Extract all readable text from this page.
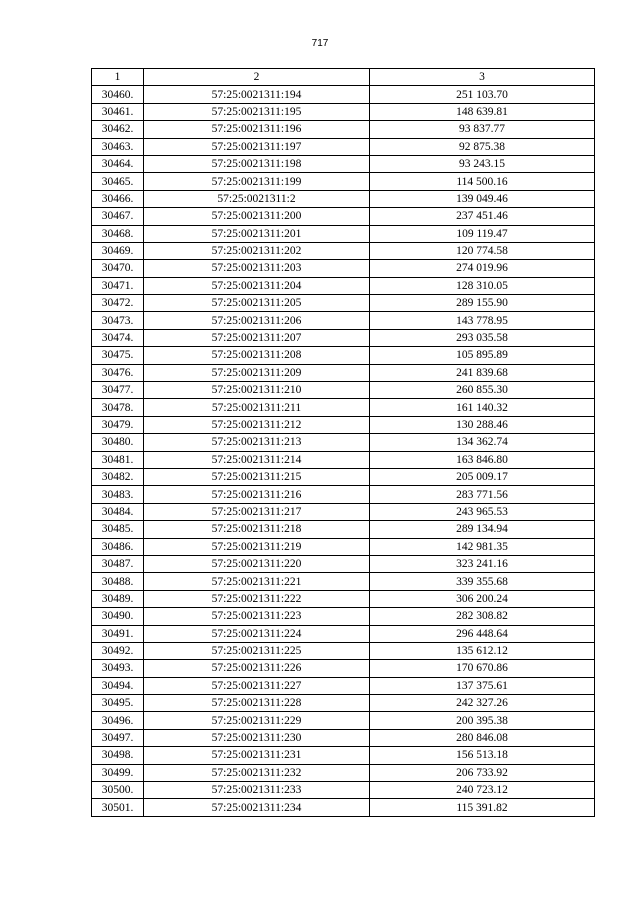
717
1	2	3
30460.	57:25:0021311:194	251 103.70
30461.	57:25:0021311:195	148 639.81
30462.	57:25:0021311:196	93 837.77
30463.	57:25:0021311:197	92 875.38
30464.	57:25:0021311:198	93 243.15
30465.	57:25:0021311:199	114 500.16
30466.	57:25:0021311:2	139 049.46
30467.	57:25:0021311:200	237 451.46
30468.	57:25:0021311:201	109 119.47
30469.	57:25:0021311:202	120 774.58
30470.	57:25:0021311:203	274 019.96
30471.	57:25:0021311:204	128 310.05
30472.	57:25:0021311:205	289 155.90
30473.	57:25:0021311:206	143 778.95
30474.	57:25:0021311:207	293 035.58
30475.	57:25:0021311:208	105 895.89
30476.	57:25:0021311:209	241 839.68
30477.	57:25:0021311:210	260 855.30
30478.	57:25:0021311:211	161 140.32
30479.	57:25:0021311:212	130 288.46
30480.	57:25:0021311:213	134 362.74
30481.	57:25:0021311:214	163 846.80
30482.	57:25:0021311:215	205 009.17
30483.	57:25:0021311:216	283 771.56
30484.	57:25:0021311:217	243 965.53
30485.	57:25:0021311:218	289 134.94
30486.	57:25:0021311:219	142 981.35
30487.	57:25:0021311:220	323 241.16
30488.	57:25:0021311:221	339 355.68
30489.	57:25:0021311:222	306 200.24
30490.	57:25:0021311:223	282 308.82
30491.	57:25:0021311:224	296 448.64
30492.	57:25:0021311:225	135 612.12
30493.	57:25:0021311:226	170 670.86
30494.	57:25:0021311:227	137 375.61
30495.	57:25:0021311:228	242 327.26
30496.	57:25:0021311:229	200 395.38
30497.	57:25:0021311:230	280 846.08
30498.	57:25:0021311:231	156 513.18
30499.	57:25:0021311:232	206 733.92
30500.	57:25:0021311:233	240 723.12
30501.	57:25:0021311:234	115 391.82
